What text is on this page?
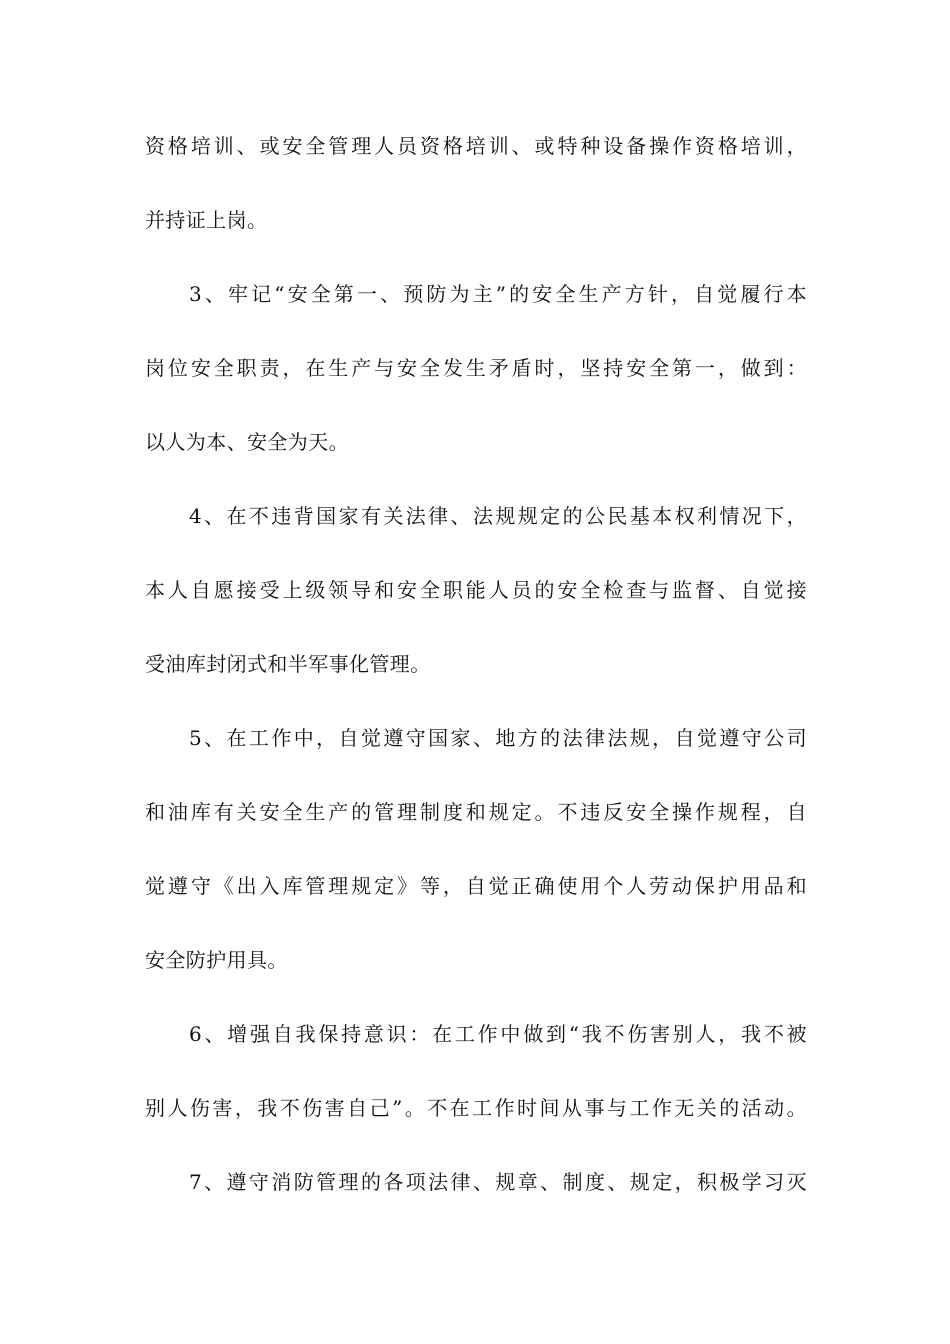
资格培训、或安全管理人员资格培训、或特种设备操作资格培训，
并持证上岗。
3、牢记“安全第一、预防为主”的安全生产方针，自觉履行本
岗位安全职责，在生产与安全发生矛盾时，坚持安全第一，做到：
以人为本、安全为天。
4、在不违背国家有关法律、法规规定的公民基本权利情况下，
本人自愿接受上级领导和安全职能人员的安全检查与监督、自觉接
受油库封闭式和半军事化管理。
5、在工作中，自觉遵守国家、地方的法律法规，自觉遵守公司
和油库有关安全生产的管理制度和规定。不违反安全操作规程，自
觉遵守《出入库管理规定》等，自觉正确使用个人劳动保护用品和
安全防护用具。
6、增强自我保持意识：在工作中做到“我不伤害别人，我不被
别人伤害，我不伤害自己”。不在工作时间从事与工作无关的活动。
7、遵守消防管理的各项法律、规章、制度、规定，积极学习灭
